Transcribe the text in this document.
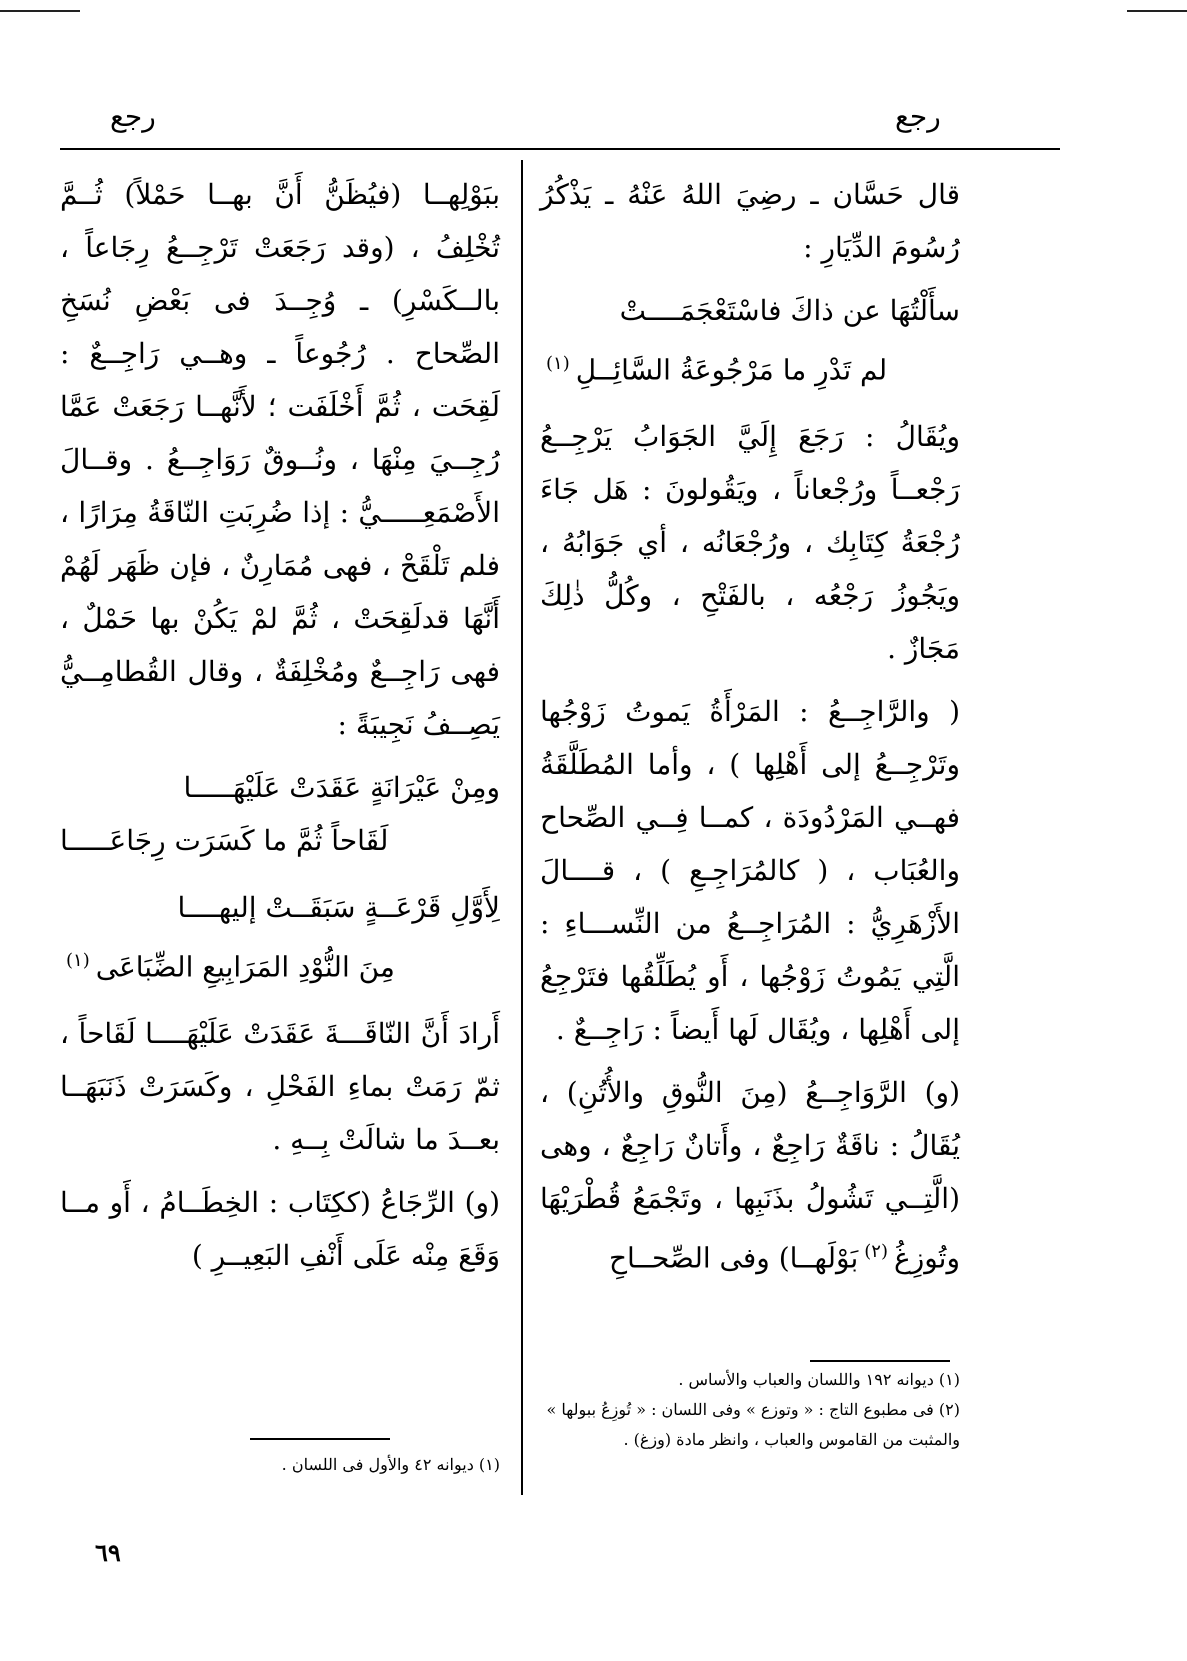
رجع
رجع

قال حَسَّان ـ رضِيَ اللهُ عَنْهُ ـ يَذْكُرُ رُسُومَ الدِّيَارِ :

سأَلْتُهَا عن ذاكَ فاسْتَعْجَمَــــتْ
لم تَدْرِ ما مَرْجُوعَةُ السَّائِــلِ$^{(١)}$

ويُقَالُ : رَجَعَ إِلَيَّ الجَوَابُ يَرْجِــعُ رَجْعــاً ورُجْعاناً ، ويَقُولونَ : هَل جَاءَ رُجْعَةُ كِتَابِك ، ورُجْعَانُه ، أي جَوَابُهُ ، ويَجُوزُ رَجْعُه ، بالفَتْحِ ، وكُلُّ ذٰلِكَ مَجَازٌ .

( والرَّاجِــعُ : المَرْأَةُ يَموتُ زَوْجُها وتَرْجِــعُ إلى أَهْلِها ) ، وأما المُطَلَّقَةُ فهــي المَرْدُودَة ، كمــا فِــي الصِّحاح والعُبَاب ، ( كالمُرَاجِـعِ ) ، قــــالَ الأَزْهَرِيُّ : المُرَاجِــعُ من النِّســـاءِ : الَّتِي يَمُوتُ زَوْجُها ، أَو يُطَلِّقُها فتَرْجِعُ إلى أَهْلِها ، ويُقَال لَها أَيضاً : رَاجِــعٌ .

(و) الرَّوَاجِــعُ (مِنَ النُّوقِ والأُتُنِ) ، يُقَالُ : ناقَةٌ رَاجِعٌ ، وأَتانٌ رَاجِعٌ ، وهى (الَّتِــي تَشُولُ بذَنَبِها ، وتَجْمَعُ قُطْرَيْهَا وتُوزِغُ$^{(٢)}$بَوْلَهــا) وفى الصِّحــاحِ

ببَوْلِهــا (فيُظَنُّ أَنَّ بهــا حَمْلاً) ثُــمَّ تُخْلِفُ ، (وقد رَجَعَتْ تَرْجِــعُ رِجَاعاً ، بالــكَسْرِ) ـ وُجِــدَ فى بَعْضِ نُسَخِ الصِّحاح . رُجُوعاً ـ وهــي رَاجِــعٌ : لَقِحَت ، ثُمَّ أَخْلَفَت ؛ لأَنَّهــا رَجَعَتْ عَمَّا رُجِــيَ مِنْهَا ، ونُــوقٌ رَوَاجِــعُ . وقــالَ الأَصْمَعِـــــيُّ : إذا ضُرِبَتِ النّاقَةُ مِرَارًا ، فلم تَلْقَحْ ، فهى مُمَارِنٌ ، فإن ظَهَر لَهُمْ أَنَّهَا قدلَقِحَتْ ، ثُمَّ لمْ يَكُنْ بها حَمْلٌ ، فهى رَاجِــعٌ ومُخْلِفَةٌ ، وقال القُطامِــيُّ يَصِــفُ نَجِيبَةً :

ومِنْ عَيْرَانَةٍ عَقَدَتْ عَلَيْهَـــــا
لَقَاحاً ثُمَّ ما كَسَرَت رِجَاعَـــــا
لِأَوَّلِ قَرْعَــةٍ سَبَقَــتْ إليهــــا
مِنَ النُّوْدِ المَرَابِيعِ الضِّبَاعَى$^{(١)}$

أَرادَ أَنَّ النّاقَـــةَ عَقَدَتْ عَلَيْهَــــا لَقَاحاً ، ثمّ رَمَتْ بماءِ الفَحْلِ ، وكَسَرَتْ ذَنَبَهَــا بعــدَ ما شالَتْ بِــهِ .

(و) الرِّجَاعُ (ككِتَاب : الخِطَــامُ ، أَو مــا وَقَعَ مِنْه عَلَى أَنْفِ البَعِيــرِ )

(١) ديوانه ١٩٢ واللسان والعباب والأساس .
(٢) فى مطبوع التاج : « وتوزع » وفى اللسان : « تُوزِعُ ببولها » والمثبت من القاموس والعباب ، وانظر مادة (وزغ) .
(١) ديوانه ٤٢ والأول فى اللسان .
٦٩
